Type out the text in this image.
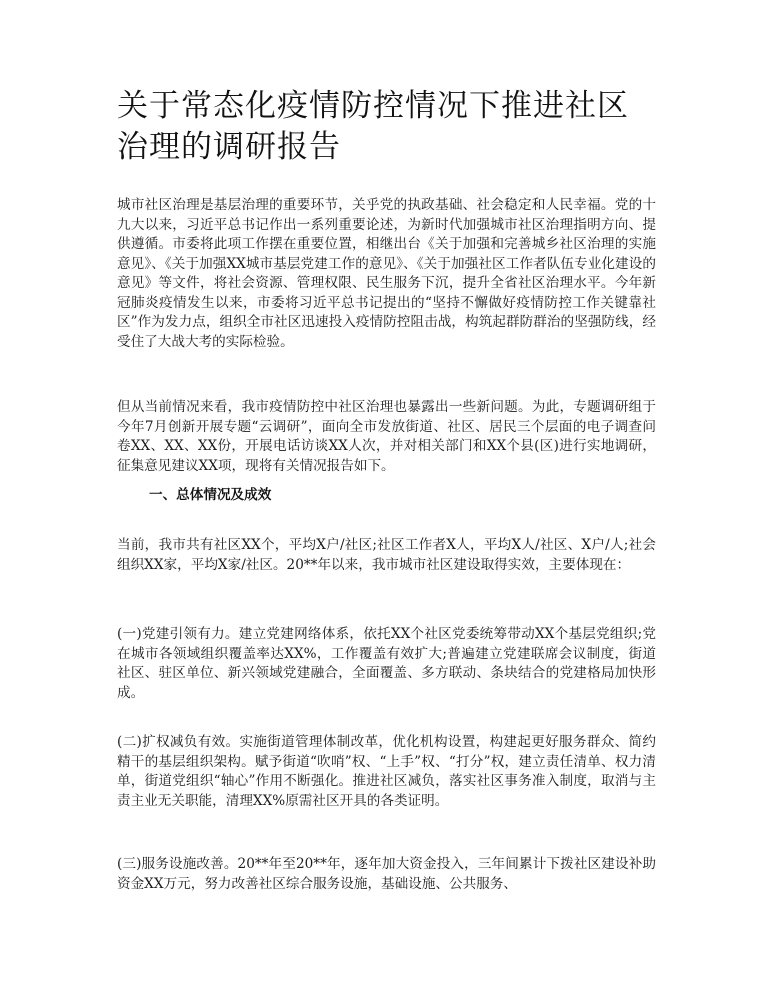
关于常态化疫情防控情况下推进社区治理的调研报告

城市社区治理是基层治理的重要环节，关乎党的执政基础、社会稳定和人民幸福。党的十九大以来，习近平总书记作出一系列重要论述，为新时代加强城市社区治理指明方向、提供遵循。市委将此项工作摆在重要位置，相继出台《关于加强和完善城乡社区治理的实施意见》、《关于加强XX城市基层党建工作的意见》、《关于加强社区工作者队伍专业化建设的意见》等文件，将社会资源、管理权限、民生服务下沉，提升全省社区治理水平。今年新冠肺炎疫情发生以来，市委将习近平总书记提出的“坚持不懈做好疫情防控工作关键靠社区”作为发力点，组织全市社区迅速投入疫情防控阻击战，构筑起群防群治的坚强防线，经受住了大战大考的实际检验。

但从当前情况来看，我市疫情防控中社区治理也暴露出一些新问题。为此，专题调研组于今年7月创新开展专题“云调研”，面向全市发放街道、社区、居民三个层面的电子调查问卷XX、XX、XX份，开展电话访谈XX人次，并对相关部门和XX个县(区)进行实地调研，征集意见建议XX项，现将有关情况报告如下。

一、总体情况及成效

当前，我市共有社区XX个，平均X户/社区;社区工作者X人，平均X人/社区、X户/人;社会组织XX家，平均X家/社区。20**年以来，我市城市社区建设取得实效，主要体现在：

(一)党建引领有力。建立党建网络体系，依托XX个社区党委统筹带动XX个基层党组织;党在城市各领域组织覆盖率达XX%，工作覆盖有效扩大;普遍建立党建联席会议制度，街道社区、驻区单位、新兴领域党建融合，全面覆盖、多方联动、条块结合的党建格局加快形成。

(二)扩权减负有效。实施街道管理体制改革，优化机构设置，构建起更好服务群众、简约精干的基层组织架构。赋予街道“吹哨”权、“上手”权、“打分”权，建立责任清单、权力清单，街道党组织“轴心”作用不断强化。推进社区减负，落实社区事务准入制度，取消与主责主业无关职能，清理XX%原需社区开具的各类证明。

(三)服务设施改善。20**年至20**年，逐年加大资金投入，三年间累计下拨社区建设补助资金XX万元，努力改善社区综合服务设施，基础设施、公共服务、
